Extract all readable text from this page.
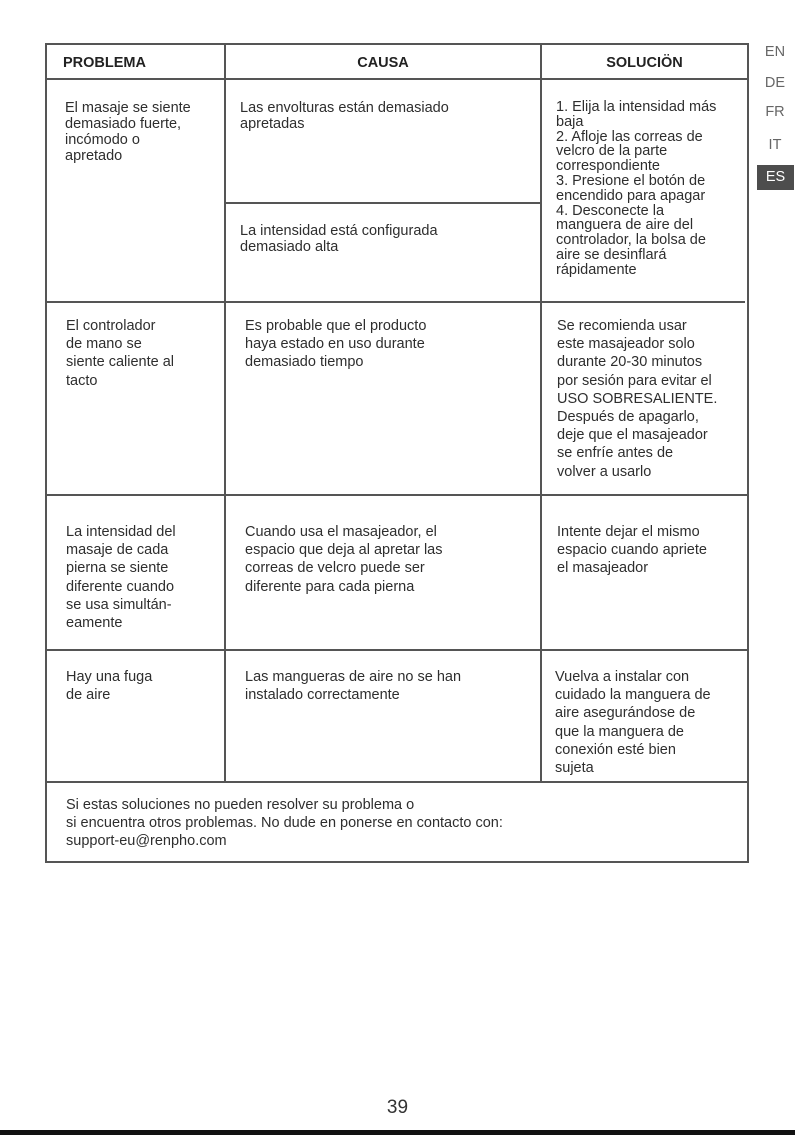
PROBLEMA	CAUSA	SOLUCIÖN
El masaje se siente
demasiado fuerte,
incómodo o
apretado
Las envolturas están demasiado
apretadas
La intensidad está configurada
demasiado alta
1. Elija la intensidad más
baja
2. Afloje las correas de
velcro de la parte
correspondiente
3. Presione el botón de
encendido para apagar
4. Desconecte la
manguera de aire del
controlador, la bolsa de
aire se desinflará
rápidamente
El controlador
de mano se
siente caliente al
tacto
Es probable que el producto
haya estado en uso durante
demasiado tiempo
Se recomienda usar
este masajeador solo
durante 20-30 minutos
por sesión para evitar el
USO SOBRESALIENTE.
Después de apagarlo,
deje que el masajeador
se enfríe antes de
volver a usarlo
La intensidad del
masaje de cada
pierna se siente
diferente cuando
se usa simultán-
eamente
Cuando usa el masajeador, el
espacio que deja al apretar las
correas de velcro puede ser
diferente para cada pierna
Intente dejar el mismo
espacio cuando apriete
el masajeador
Hay una fuga
de aire
Las mangueras de aire no se han
instalado correctamente
Vuelva a instalar con
cuidado la manguera de
aire asegurándose de
que la manguera de
conexión esté bien
sujeta
Si estas soluciones no pueden resolver su problema o
si encuentra otros problemas. No dude en ponerse en contacto con:
support-eu@renpho.com
EN
DE
FR
IT
ES
39
